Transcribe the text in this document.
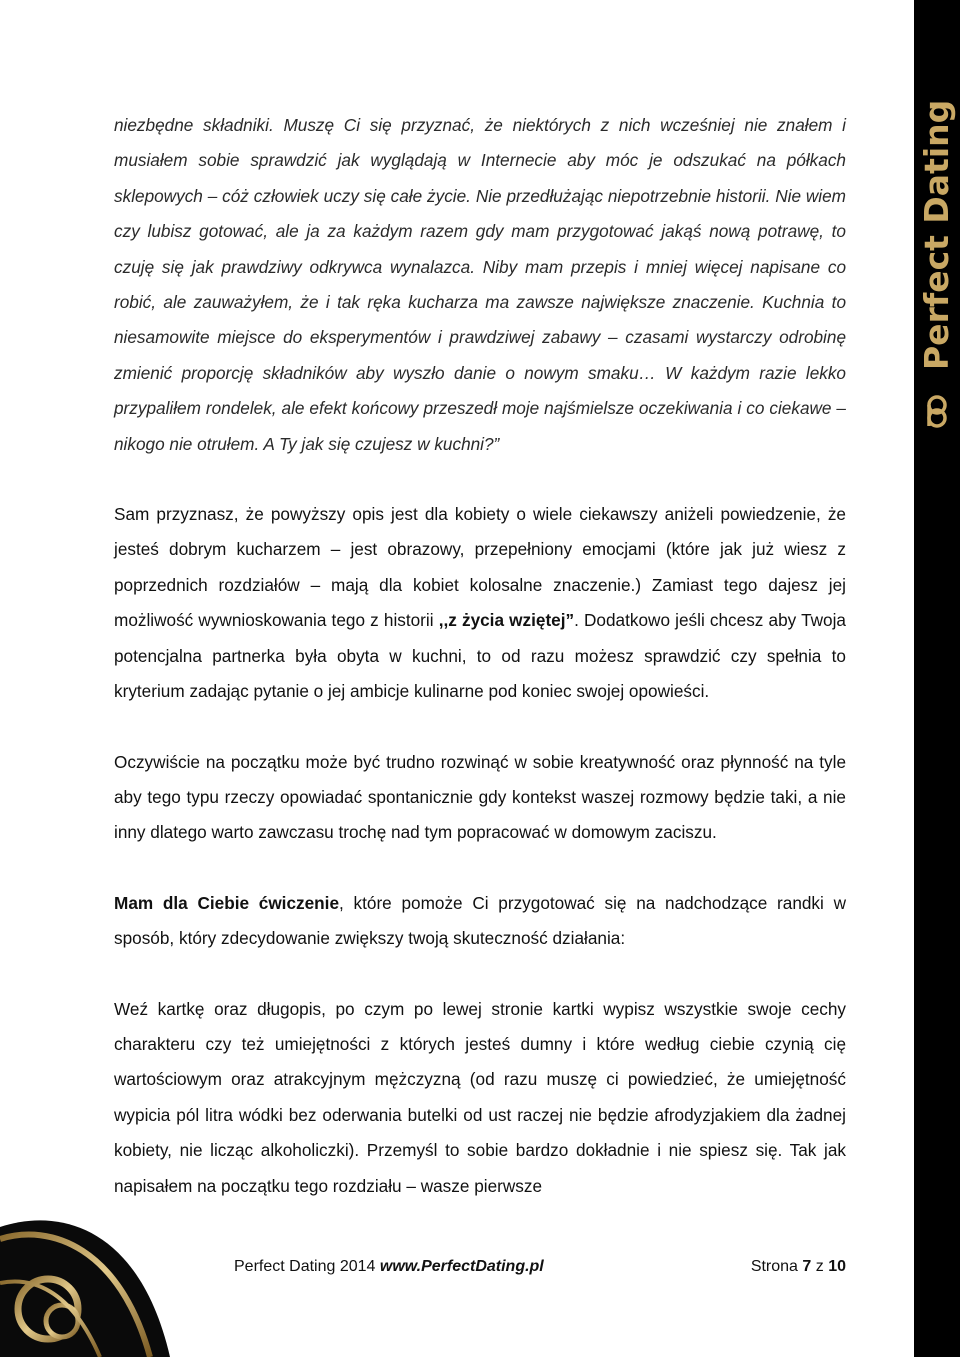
Perfect Dating

niezbędne składniki. Muszę Ci się przyznać, że niektórych z nich wcześniej nie znałem i musiałem sobie sprawdzić jak wyglądają w Internecie aby móc je odszukać na półkach sklepowych – cóż człowiek uczy się całe życie. Nie przedłużając niepotrzebnie historii. Nie wiem czy lubisz gotować, ale ja za każdym razem gdy mam przygotować jakąś nową potrawę, to czuję się jak prawdziwy odkrywca wynalazca. Niby mam przepis i mniej więcej napisane co robić, ale zauważyłem, że i tak ręka kucharza ma zawsze największe znaczenie. Kuchnia to niesamowite miejsce do eksperymentów i prawdziwej zabawy – czasami wystarczy odrobinę zmienić proporcję składników aby wyszło danie o nowym smaku… W każdym razie lekko przypaliłem rondelek, ale efekt końcowy przeszedł moje najśmielsze oczekiwania i co ciekawe – nikogo nie otrułem. A Ty jak się czujesz w kuchni?”

Sam przyznasz, że powyższy opis jest dla kobiety o wiele ciekawszy aniżeli powiedzenie, że jesteś dobrym kucharzem – jest obrazowy, przepełniony emocjami (które jak już wiesz z poprzednich rozdziałów – mają dla kobiet kolosalne znaczenie.) Zamiast tego dajesz jej możliwość wywnioskowania tego z historii ,,z życia wziętej”. Dodatkowo jeśli chcesz aby Twoja potencjalna partnerka była obyta w kuchni, to od razu możesz sprawdzić czy spełnia to kryterium zadając pytanie o jej ambicje kulinarne pod koniec swojej opowieści.

Oczywiście na początku może być trudno rozwinąć w sobie kreatywność oraz płynność na tyle aby tego typu rzeczy opowiadać spontanicznie gdy kontekst waszej rozmowy będzie taki, a nie inny dlatego warto zawczasu trochę nad tym popracować w domowym zaciszu.

Mam dla Ciebie ćwiczenie, które pomoże Ci przygotować się na nadchodzące randki w sposób, który zdecydowanie zwiększy twoją skuteczność działania:

Weź kartkę oraz długopis, po czym po lewej stronie kartki wypisz wszystkie swoje cechy charakteru czy też umiejętności z których jesteś dumny i które według ciebie czynią cię wartościowym oraz atrakcyjnym mężczyzną (od razu muszę ci powiedzieć, że umiejętność wypicia pól litra wódki bez oderwania butelki od ust raczej nie będzie afrodyzjakiem dla żadnej kobiety, nie licząc alkoholiczki). Przemyśl to sobie bardzo dokładnie i nie spiesz się. Tak jak napisałem na początku tego rozdziału – wasze pierwsze

Perfect Dating 2014 www.PerfectDating.pl	Strona 7 z 10
